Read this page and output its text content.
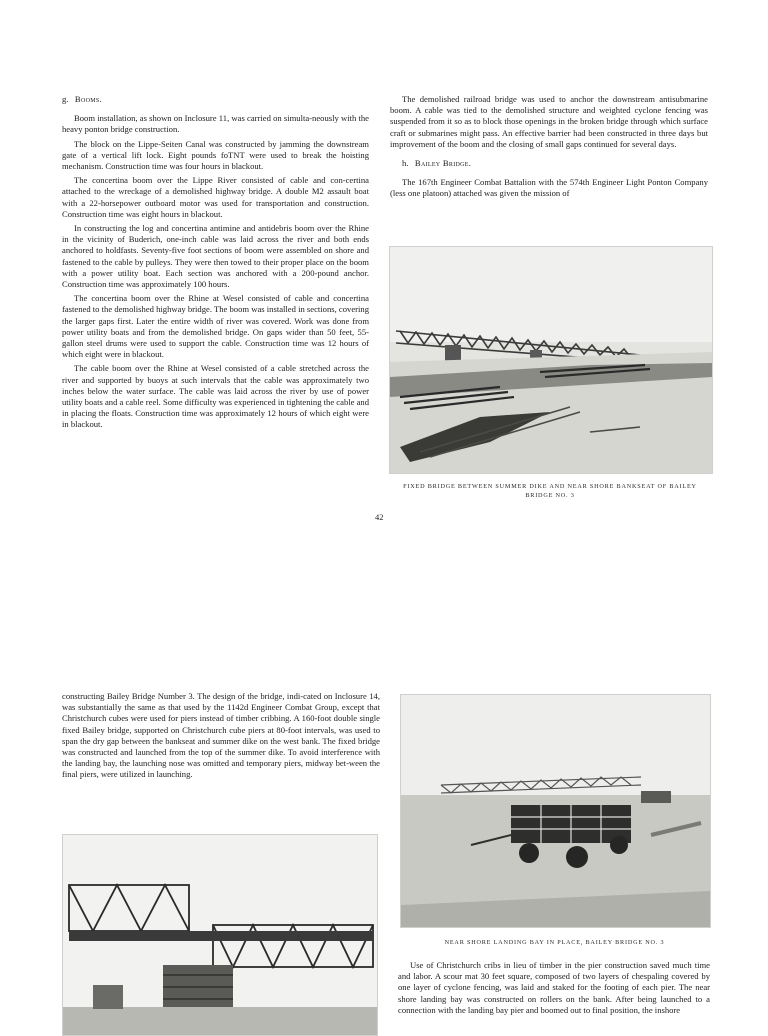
g. Booms.

Boom installation, as shown on Inclosure 11, was carried on simulta-neously with the heavy ponton bridge construction.

The block on the Lippe-Seiten Canal was constructed by jamming the downstream gate of a vertical lift lock. Eight pounds foTNT were used to break the hoisting mechanism. Construction time was four hours in blackout.

The concertina boom over the Lippe River consisted of cable and con-certina attached to the wreckage of a demolished highway bridge. A double M2 assault boat with a 22-horsepower outboard motor was used for transportation and construction. Construction time was eight hours in blackout.

In constructing the log and concertina antimine and antidebris boom over the Rhine in the vicinity of Buderich, one-inch cable was laid across the river and both ends anchored to holdfasts. Seventy-five foot sections of boom were assembled on shore and fastened to the cable by pulleys. They were then towed to their proper place on the boom with a power utility boat. Each section was anchored with a 200-pound anchor. Construction time was approximately 100 hours.

The concertina boom over the Rhine at Wesel consisted of cable and concertina fastened to the demolished highway bridge. The boom was installed in sections, covering the larger gaps first. Later the entire width of river was covered. Work was done from power utility boats and from the demolished bridge. On gaps wider than 50 feet, 55-gallon steel drums were used to support the cable. Construction time was 12 hours of which eight were in blackout.

The cable boom over the Rhine at Wesel consisted of a cable stretched across the river and supported by buoys at such intervals that the cable was approximately two inches below the water surface. The cable was laid across the river by use of power utility boats and a cable reel. Some difficulty was experienced in tightening the cable and in placing the floats. Construction time was approximately 12 hours of which eight were in blackout.

The demolished railroad bridge was used to anchor the downstream antisubmarine boom. A cable was tied to the demolished structure and weighted cyclone fencing was suspended from it so as to block those openings in the broken bridge through which surface craft or submarines might pass. An effective barrier had been constructed in three days but improvement of the boom and the closing of small gaps continued for several days.

h. Bailey Bridge.

The 167th Engineer Combat Battalion with the 574th Engineer Light Ponton Company (less one platoon) attached was given the mission of

FIXED BRIDGE BETWEEN SUMMER DIKE AND NEAR SHORE BANKSEAT OF BAILEY BRIDGE NO. 3
42

constructing Bailey Bridge Number 3. The design of the bridge, indi-cated on Inclosure 14, was substantially the same as that used by the 1142d Engineer Combat Group, except that Christchurch cubes were used for piers instead of timber cribbing. A 160-foot double single fixed Bailey bridge, supported on Christchurch cube piers at 80-foot intervals, was used to span the dry gap between the bankseat and summer dike on the west bank. The fixed bridge was constructed and launched from the top of the summer dike. To avoid interference with the landing bay, the launching nose was omitted and temporary piers, midway bet-ween the final piers, were utilized in launching.

NEAR SHORE LANDING BAY IN PLACE, BAILEY BRIDGE NO. 3

Use of Christchurch cribs in lieu of timber in the pier construction saved much time and labor. A scour mat 30 feet square, composed of two layers of chespaling covered by one layer of cyclone fencing, was laid and staked for the footing of each pier. The near shore landing bay was constructed on rollers on the bank. After being launched to a connection with the landing bay pier and boomed out to final position, the inshore
